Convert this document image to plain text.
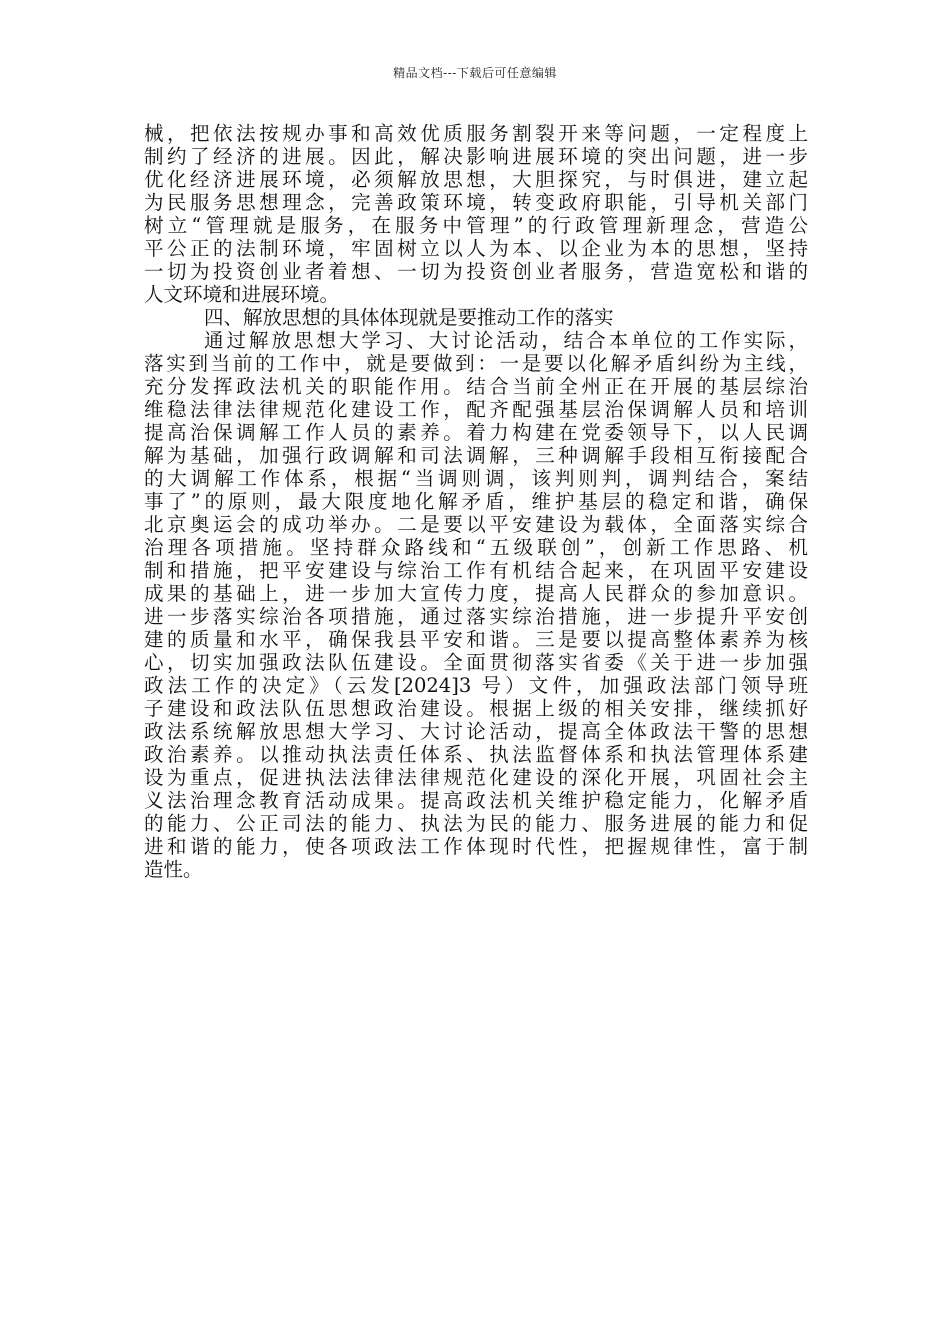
精品文档---下载后可任意编辑
械，把依法按规办事和高效优质服务割裂开来等问题，一定程度上
制约了经济的进展。因此，解决影响进展环境的突出问题，进一步
优化经济进展环境，必须解放思想，大胆探究，与时俱进，建立起
为民服务思想理念，完善政策环境，转变政府职能，引导机关部门
树立“管理就是服务，在服务中管理”的行政管理新理念，营造公
平公正的法制环境，牢固树立以人为本、以企业为本的思想，坚持
一切为投资创业者着想、一切为投资创业者服务，营造宽松和谐的
人文环境和进展环境。
四、解放思想的具体体现就是要推动工作的落实
通过解放思想大学习、大讨论活动，结合本单位的工作实际，
落实到当前的工作中，就是要做到：一是要以化解矛盾纠纷为主线，
充分发挥政法机关的职能作用。结合当前全州正在开展的基层综治
维稳法律法律规范化建设工作，配齐配强基层治保调解人员和培训
提高治保调解工作人员的素养。着力构建在党委领导下，以人民调
解为基础，加强行政调解和司法调解，三种调解手段相互衔接配合
的大调解工作体系，根据“当调则调，该判则判，调判结合，案结
事了”的原则，最大限度地化解矛盾，维护基层的稳定和谐，确保
北京奥运会的成功举办。二是要以平安建设为载体，全面落实综合
治理各项措施。坚持群众路线和“五级联创”，创新工作思路、机
制和措施，把平安建设与综治工作有机结合起来，在巩固平安建设
成果的基础上，进一步加大宣传力度，提高人民群众的参加意识。
进一步落实综治各项措施，通过落实综治措施，进一步提升平安创
建的质量和水平，确保我县平安和谐。三是要以提高整体素养为核
心，切实加强政法队伍建设。全面贯彻落实省委《关于进一步加强
政法工作的决定》（云发[2024]3 号）文件，加强政法部门领导班
子建设和政法队伍思想政治建设。根据上级的相关安排，继续抓好
政法系统解放思想大学习、大讨论活动，提高全体政法干警的思想
政治素养。以推动执法责任体系、执法监督体系和执法管理体系建
设为重点，促进执法法律法律规范化建设的深化开展，巩固社会主
义法治理念教育活动成果。提高政法机关维护稳定能力，化解矛盾
的能力、公正司法的能力、执法为民的能力、服务进展的能力和促
进和谐的能力，使各项政法工作体现时代性，把握规律性，富于制
造性。
